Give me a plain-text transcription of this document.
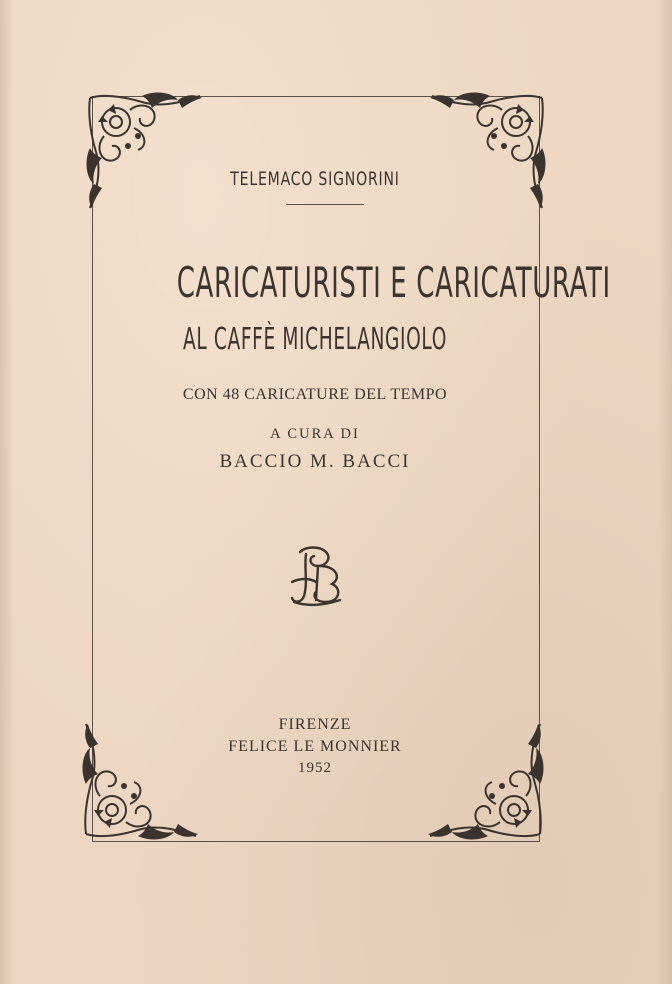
TELEMACO SIGNORINI
CARICATURISTI E CARICATURATI
AL CAFFÈ MICHELANGIOLO
CON 48 CARICATURE DEL TEMPO
A CURA DI
BACCIO M. BACCI
FIRENZE
FELICE LE MONNIER
1952
